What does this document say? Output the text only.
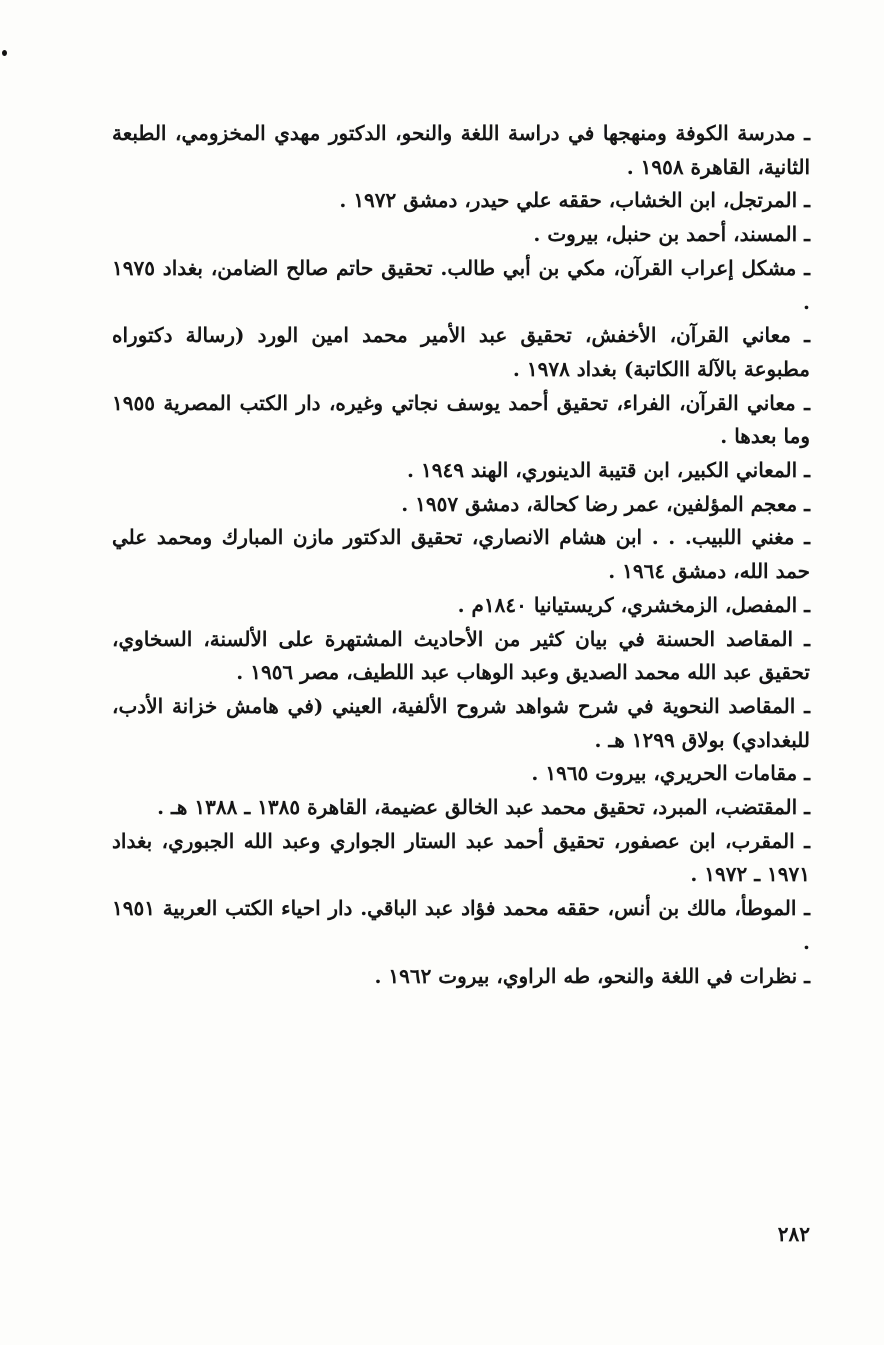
ـ مدرسة الكوفة ومنهجها في دراسة اللغة والنحو، الدكتور مهدي المخزومي، الطبعة الثانية، القاهرة ١٩٥٨ .
ـ المرتجل، ابن الخشاب، حققه علي حيدر، دمشق ١٩٧٢ .
ـ المسند، أحمد بن حنبل، بيروت .
ـ مشكل إعراب القرآن، مكي بن أبي طالب. تحقيق حاتم صالح الضامن، بغداد ١٩٧٥ .
ـ معاني القرآن، الأخفش، تحقيق عبد الأمير محمد امين الورد (رسالة دكتوراه مطبوعة بالآلة االكاتبة) بغداد ١٩٧٨ .
ـ معاني القرآن، الفراء، تحقيق أحمد يوسف نجاتي وغيره، دار الكتب المصرية ١٩٥٥ وما بعدها .
ـ المعاني الكبير، ابن قتيبة الدينوري، الهند ١٩٤٩ .
ـ معجم المؤلفين، عمر رضا كحالة، دمشق ١٩٥٧ .
ـ مغني اللبيب. . . ابن هشام الانصاري، تحقيق الدكتور مازن المبارك ومحمد علي حمد الله، دمشق ١٩٦٤ .
ـ المفصل، الزمخشري، كريستيانيا ١٨٤٠م .
ـ المقاصد الحسنة في بيان كثير من الأحاديث المشتهرة على الألسنة، السخاوي، تحقيق عبد الله محمد الصديق وعبد الوهاب عبد اللطيف، مصر ١٩٥٦ .
ـ المقاصد النحوية في شرح شواهد شروح الألفية، العيني (في هامش خزانة الأدب، للبغدادي) بولاق ١٢٩٩ هـ .
ـ مقامات الحريري، بيروت ١٩٦٥ .
ـ المقتضب، المبرد، تحقيق محمد عبد الخالق عضيمة، القاهرة ١٣٨٥ ـ ١٣٨٨ هـ .
ـ المقرب، ابن عصفور، تحقيق أحمد عبد الستار الجواري وعبد الله الجبوري، بغداد ١٩٧١ ـ ١٩٧٢ .
ـ الموطأ، مالك بن أنس، حققه محمد فؤاد عبد الباقي. دار احياء الكتب العربية ١٩٥١ .
ـ نظرات في اللغة والنحو، طه الراوي، بيروت ١٩٦٢ .
٢٨٢
